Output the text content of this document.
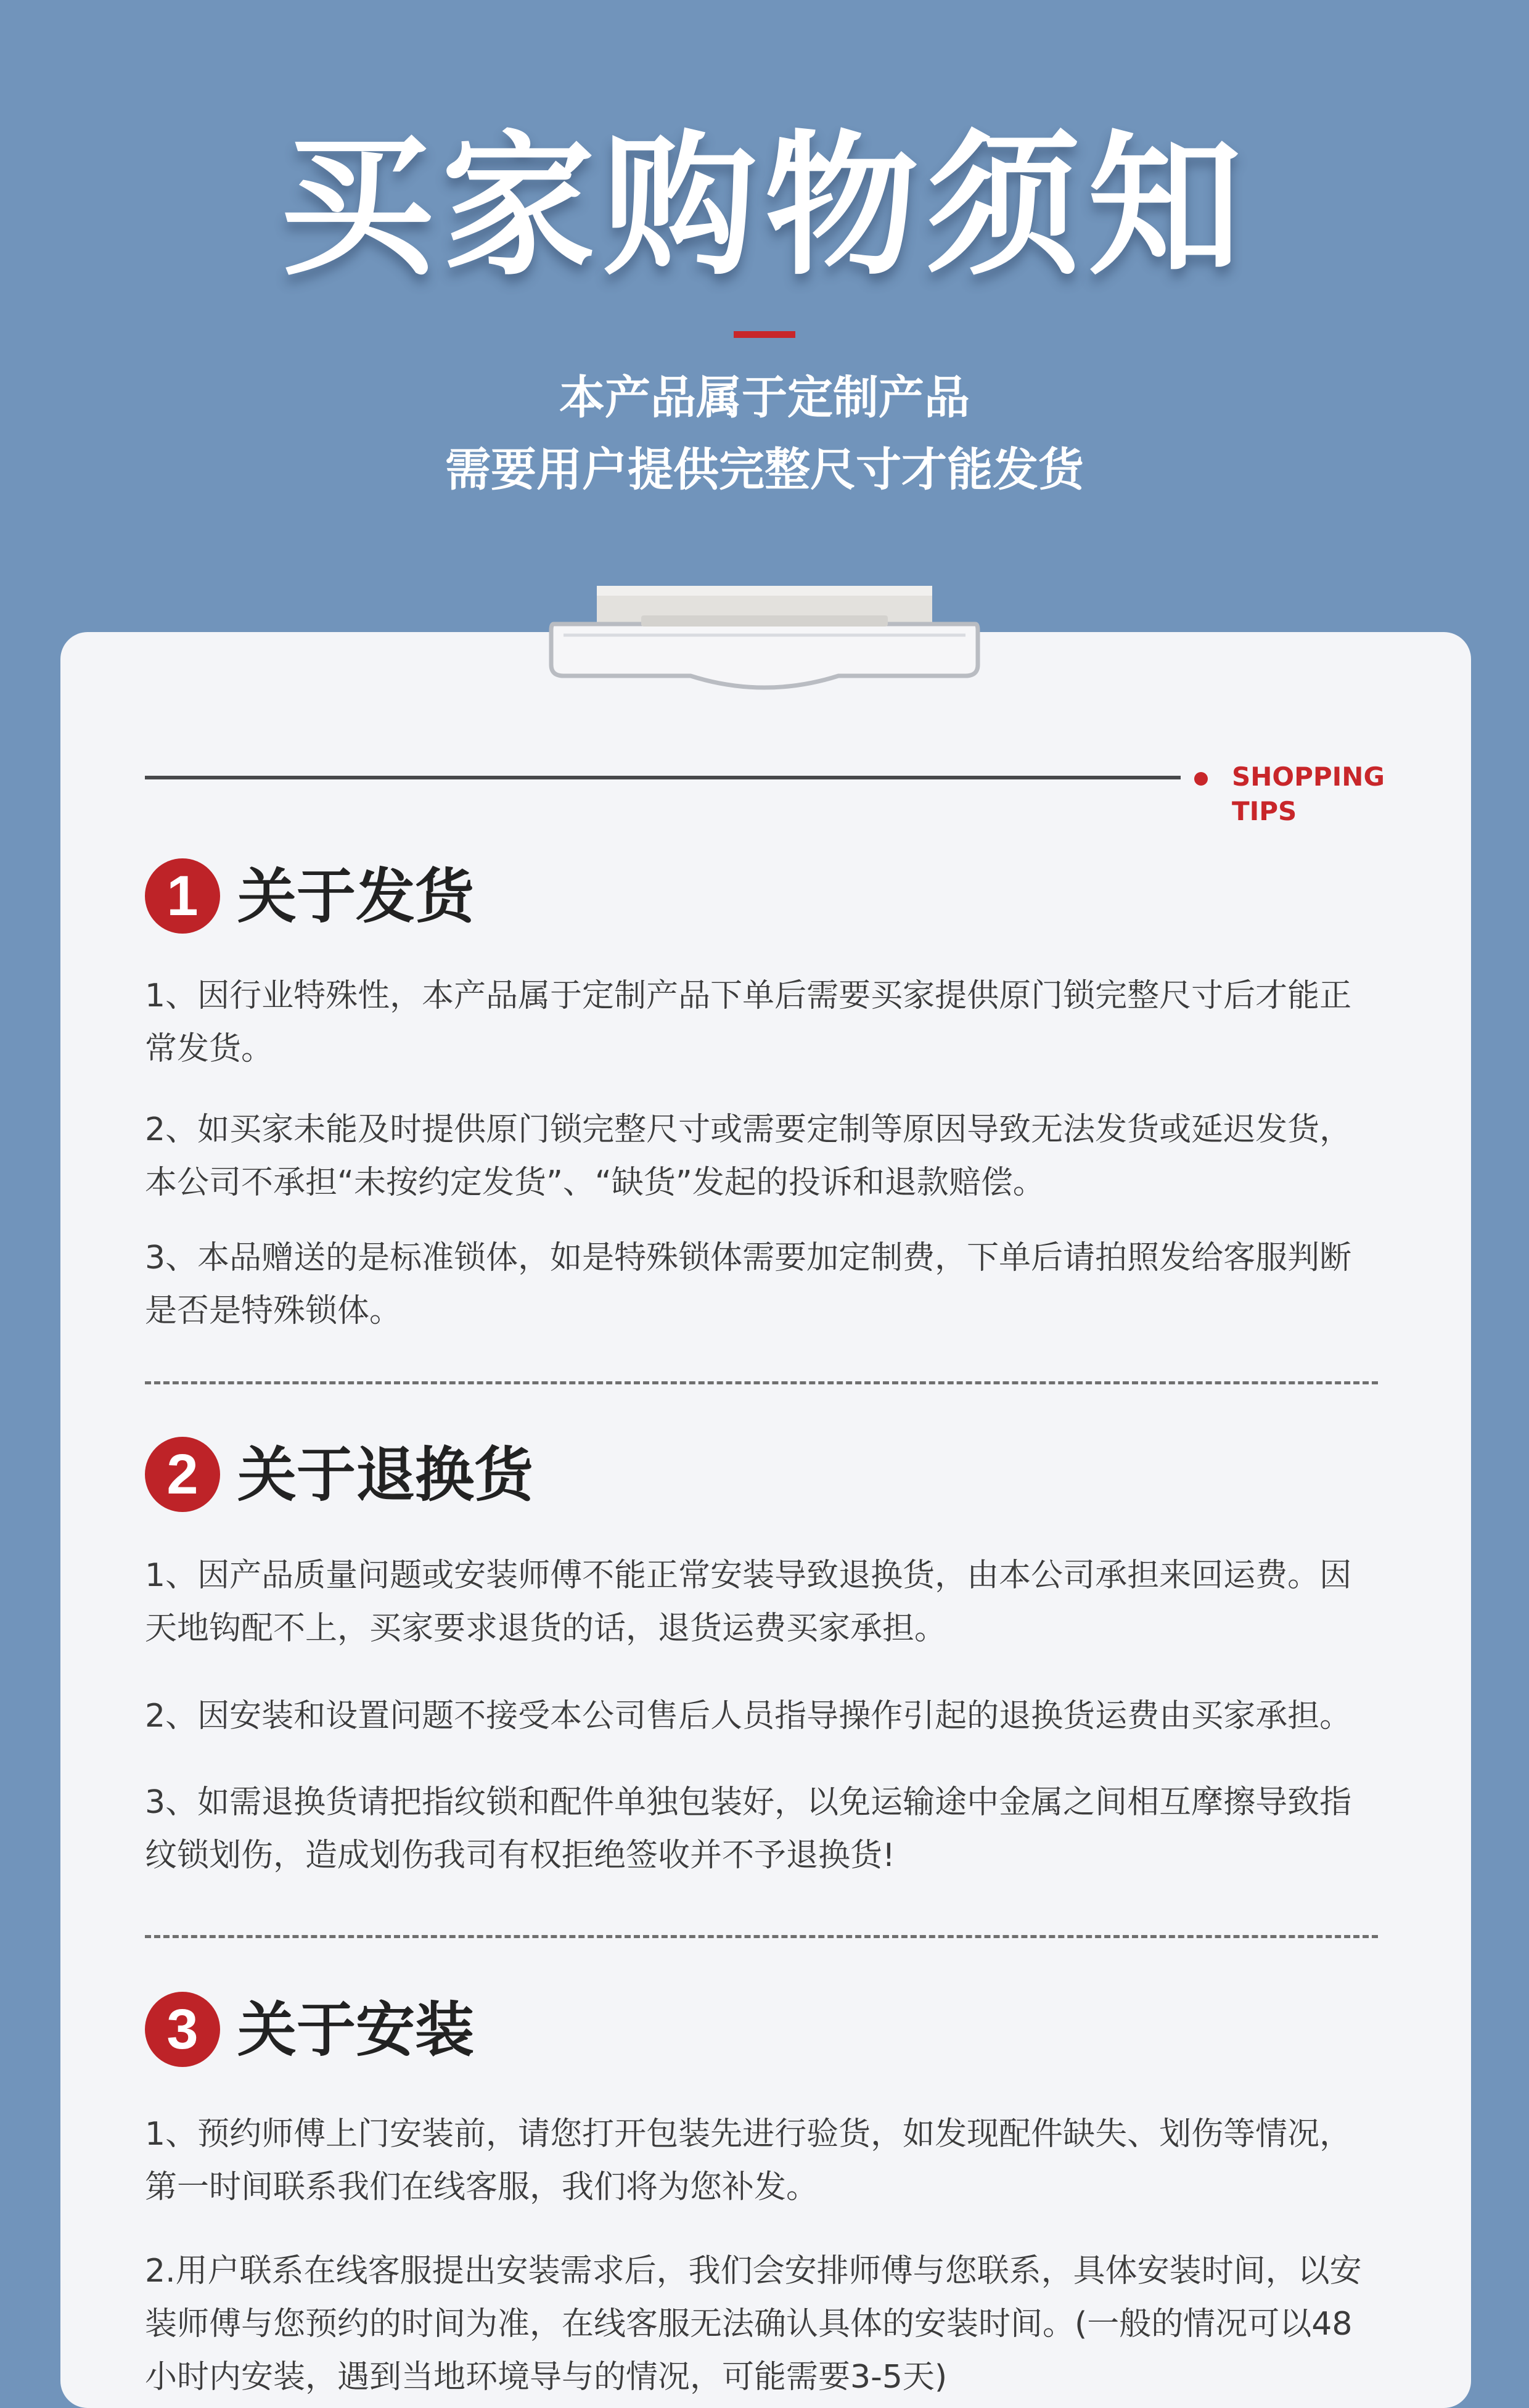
买家购物须知
本产品属于定制产品
需要用户提供完整尺寸才能发货
SHOPPING
TIPS
1 关于发货

1、因行业特殊性，本产品属于定制产品下单后需要买家提供原门锁完整尺寸后才能正常发货。

2、如买家未能及时提供原门锁完整尺寸或需要定制等原因导致无法发货或延迟发货，本公司不承担“未按约定发货”、“缺货”发起的投诉和退款赔偿。

3、本品赠送的是标准锁体，如是特殊锁体需要加定制费，下单后请拍照发给客服判断是否是特殊锁体。

2 关于退换货

1、因产品质量问题或安装师傅不能正常安装导致退换货，由本公司承担来回运费。因天地钩配不上，买家要求退货的话，退货运费买家承担。

2、因安装和设置问题不接受本公司售后人员指导操作引起的退换货运费由买家承担。

3、如需退换货请把指纹锁和配件单独包装好，以免运输途中金属之间相互摩擦导致指纹锁划伤，造成划伤我司有权拒绝签收并不予退换货!

3 关于安装

1、预约师傅上门安装前，请您打开包装先进行验货，如发现配件缺失、划伤等情况，第一时间联系我们在线客服，我们将为您补发。

2.用户联系在线客服提出安装需求后，我们会安排师傅与您联系，具体安装时间，以安装师傅与您预约的时间为准，在线客服无法确认具体的安装时间。(一般的情况可以48小时内安装，遇到当地环境导与的情况，可能需要3-5天)
